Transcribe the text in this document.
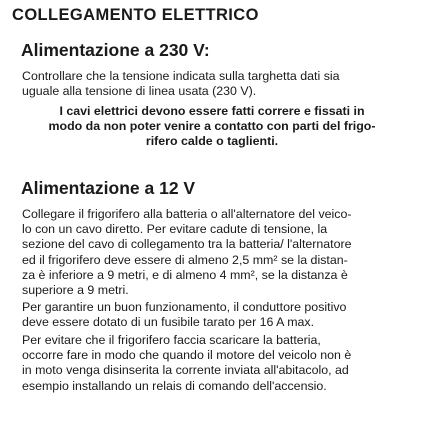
COLLEGAMENTO ELETTRICO
Alimentazione a 230 V:
Controllare che la tensione indicata sulla targhetta dati sia
uguale alla tensione di linea usata (230 V).
I cavi elettrici devono essere fatti correre e fissati in
modo da non poter venire a contatto con parti del frigo-
rifero calde o taglienti.
Alimentazione a 12 V
Collegare il frigorifero alla batteria o all'alternatore del veico-
lo con un cavo diretto. Per evitare cadute di tensione, la
sezione del cavo di collegamento tra la batteria/ l'alternatore
ed il frigorifero deve essere di almeno 2,5 mm² se la distan-
za è inferiore a 9 metri, e di almeno 4 mm², se la distanza è
superiore a 9 metri.
Per garantire un buon funzionamento, il conduttore positivo
deve essere dotato di un fusibile tarato per 16 A max.
Per evitare che il frigorifero faccia scaricare la batteria,
occorre fare in modo che quando il motore del veicolo non è
in moto venga disinserita la corrente inviata all'abitacolo, ad
esempio installando un relais di comando dell'accensio.
